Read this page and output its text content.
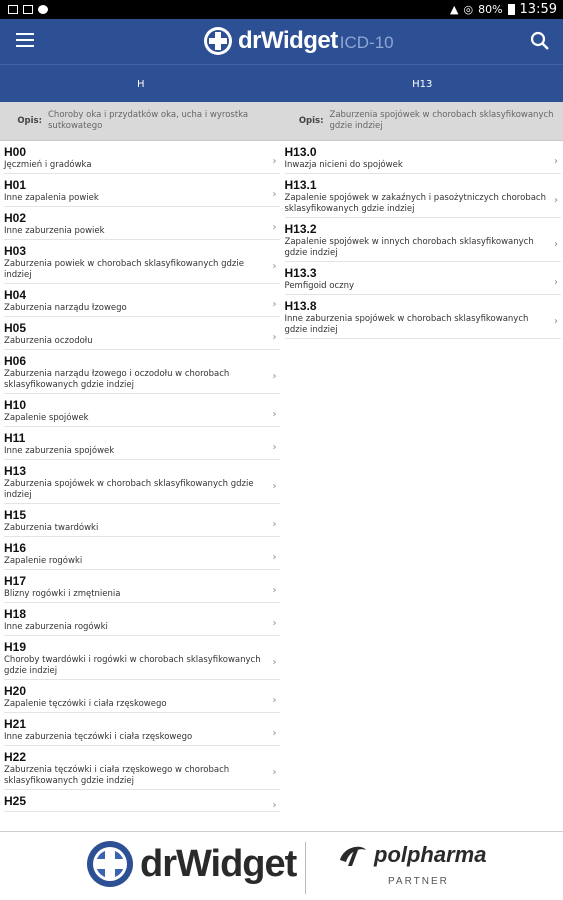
▲ ◎ 80% 13:59
drWidget ICD-10
H	H13
Opis:
Choroby oka i przydatków oka, ucha i wyrostka sutkowatego	Opis:
Zaburzenia spojówek w chorobach sklasyfikowanych gdzie indziej
H00
Jęczmień i gradówka	›
H01
Inne zapalenia powiek	›
H02
Inne zaburzenia powiek	›
H03
Zaburzenia powiek w chorobach sklasyfikowanych gdzie indziej
›
H04
Zaburzenia narządu łzowego	›
H05
Zaburzenia oczodołu	›
H06
Zaburzenia narządu łzowego i oczodołu w chorobach sklasyfikowanych gdzie indziej
›
H10
Zapalenie spojówek	›
H11
Inne zaburzenia spojówek	›
H13
Zaburzenia spojówek w chorobach sklasyfikowanych gdzie indziej
›
H15
Zaburzenia twardówki	›
H16
Zapalenie rogówki	›
H17
Blizny rogówki i zmętnienia	›
H18
Inne zaburzenia rogówki	›
H19
Choroby twardówki i rogówki w chorobach sklasyfikowanych gdzie indziej
›
H20
Zapalenie tęczówki i ciała rzęskowego	›
H21
Inne zaburzenia tęczówki i ciała rzęskowego	›
H22
Zaburzenia tęczówki i ciała rzęskowego w chorobach sklasyfikowanych gdzie indziej
›
H25	›
H13.0
Inwazja nicieni do spojówek	›
H13.1
Zapalenie spojówek w zakaźnych i pasożytniczych chorobach sklasyfikowanych gdzie indziej
›
H13.2
Zapalenie spojówek w innych chorobach sklasyfikowanych gdzie indziej
›
H13.3
Pemfigoid oczny	›
H13.8
Inne zaburzenia spojówek w chorobach sklasyfikowanych gdzie indziej
›
drWidget	polpharma
PARTNER
